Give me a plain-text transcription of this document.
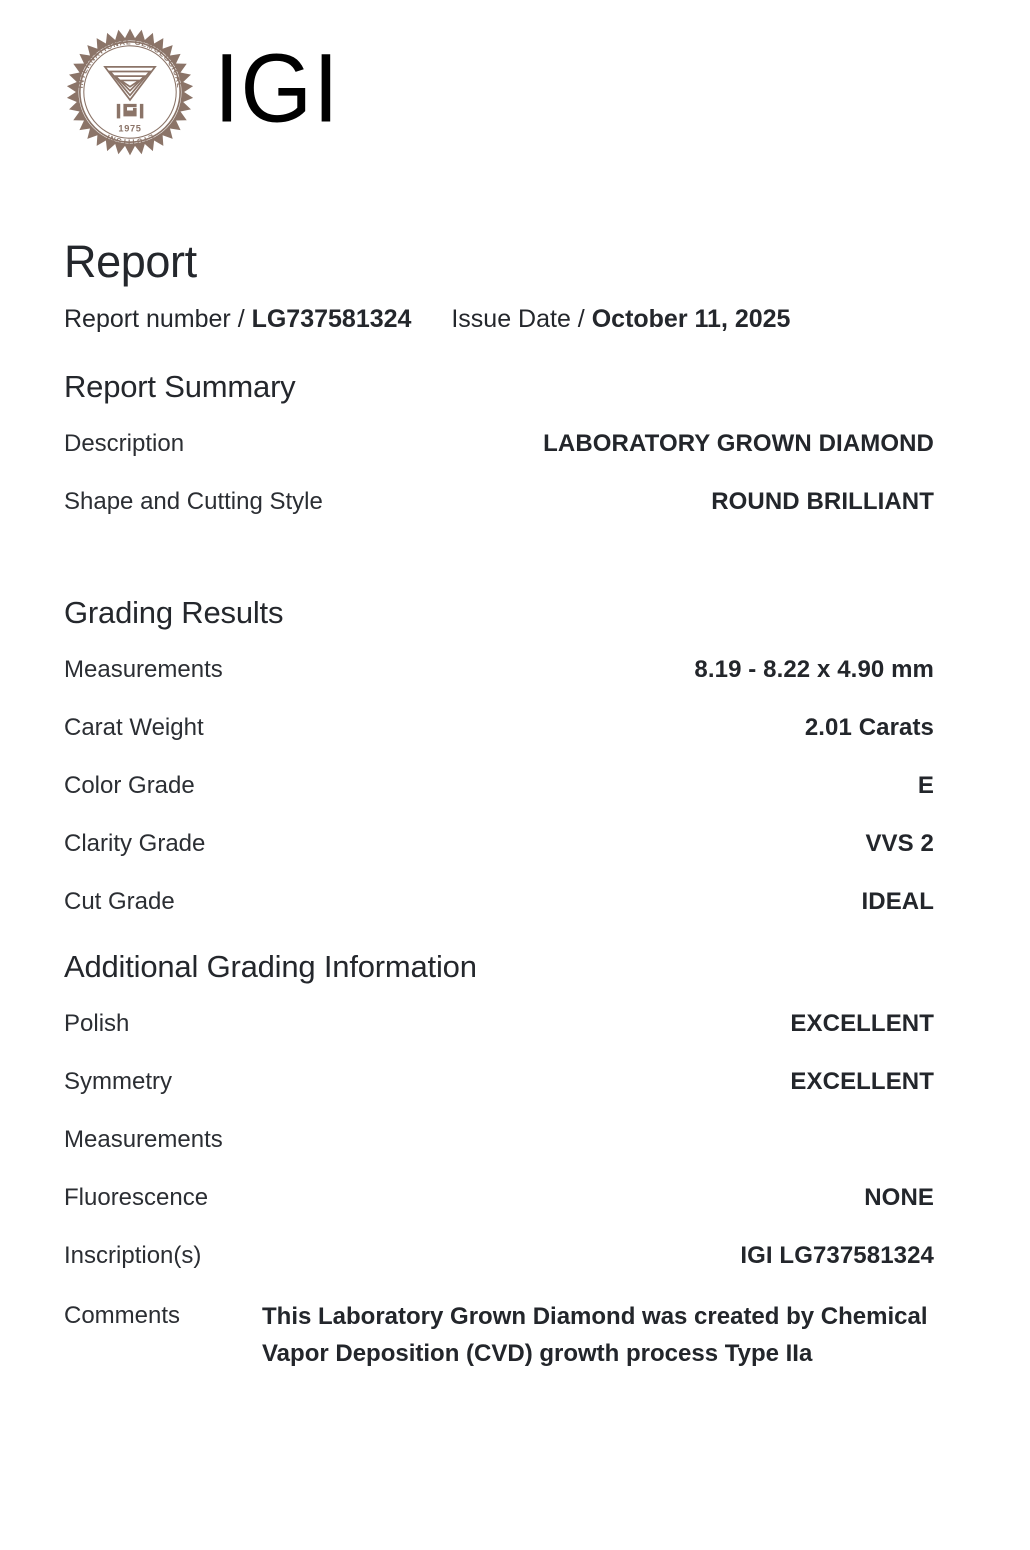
INTERNATIONAL GEMOLOGICAL
ETUTITSNI
1975 IGI
Report

Report number / LG737581324 Issue Date / October 11, 2025

Report Summary
Description	LABORATORY GROWN DIAMOND
Shape and Cutting Style	ROUND BRILLIANT
Grading Results
Measurements	8.19 - 8.22 x 4.90 mm
Carat Weight	2.01 Carats
Color Grade	E
Clarity Grade	VVS 2
Cut Grade	IDEAL
Additional Grading Information
Polish	EXCELLENT
Symmetry	EXCELLENT
Measurements
Fluorescence	NONE
Inscription(s)	IGI LG737581324
Comments	This Laboratory Grown Diamond was created by Chemical Vapor Deposition (CVD) growth process Type IIa
